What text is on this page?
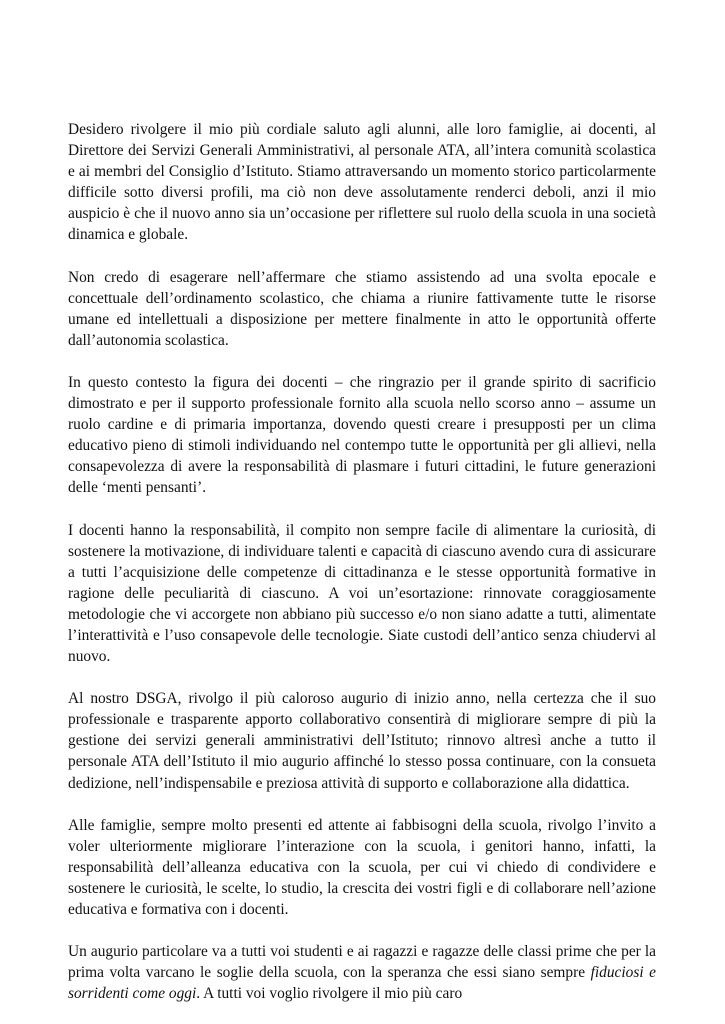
Desidero rivolgere il mio più cordiale saluto agli alunni, alle loro famiglie, ai docenti, al Direttore dei Servizi Generali Amministrativi, al personale ATA, all’intera comunità scolastica e ai membri del Consiglio d’Istituto. Stiamo attraversando un momento storico particolarmente difficile sotto diversi profili, ma ciò non deve assolutamente renderci deboli, anzi il mio auspicio è che il nuovo anno sia un’occasione per riflettere sul ruolo della scuola in una società dinamica e globale.

Non credo di esagerare nell’affermare che stiamo assistendo ad una svolta epocale e concettuale dell’ordinamento scolastico, che chiama a riunire fattivamente tutte le risorse umane ed intellettuali a disposizione per mettere finalmente in atto le opportunità offerte dall’autonomia scolastica.

In questo contesto la figura dei docenti – che ringrazio per il grande spirito di sacrificio dimostrato e per il supporto professionale fornito alla scuola nello scorso anno – assume un ruolo cardine e di primaria importanza, dovendo questi creare i presupposti per un clima educativo pieno di stimoli individuando nel contempo tutte le opportunità per gli allievi, nella consapevolezza di avere la responsabilità di plasmare i futuri cittadini, le future generazioni delle ‘menti pensanti’.

I docenti hanno la responsabilità, il compito non sempre facile di alimentare la curiosità, di sostenere la motivazione, di individuare talenti e capacità di ciascuno avendo cura di assicurare a tutti l’acquisizione delle competenze di cittadinanza e le stesse opportunità formative in ragione delle peculiarità di ciascuno. A voi un’esortazione: rinnovate coraggiosamente metodologie che vi accorgete non abbiano più successo e/o non siano adatte a tutti, alimentate l’interattività e l’uso consapevole delle tecnologie. Siate custodi dell’antico senza chiudervi al nuovo.

Al nostro DSGA, rivolgo il più caloroso augurio di inizio anno, nella certezza che il suo professionale e trasparente apporto collaborativo consentirà di migliorare sempre di più la gestione dei servizi generali amministrativi dell’Istituto; rinnovo altresì anche a tutto il personale ATA dell’Istituto il mio augurio affinché lo stesso possa continuare, con la consueta dedizione, nell’indispensabile e preziosa attività di supporto e collaborazione alla didattica.

Alle famiglie, sempre molto presenti ed attente ai fabbisogni della scuola, rivolgo l’invito a voler ulteriormente migliorare l’interazione con la scuola, i genitori hanno, infatti, la responsabilità dell’alleanza educativa con la scuola, per cui vi chiedo di condividere e sostenere le curiosità, le scelte, lo studio, la crescita dei vostri figli e di collaborare nell’azione educativa e formativa con i docenti.

Un augurio particolare va a tutti voi studenti e ai ragazzi e ragazze delle classi prime che per la prima volta varcano le soglie della scuola, con la speranza che essi siano sempre fiduciosi e sorridenti come oggi. A tutti voi voglio rivolgere il mio più caro
